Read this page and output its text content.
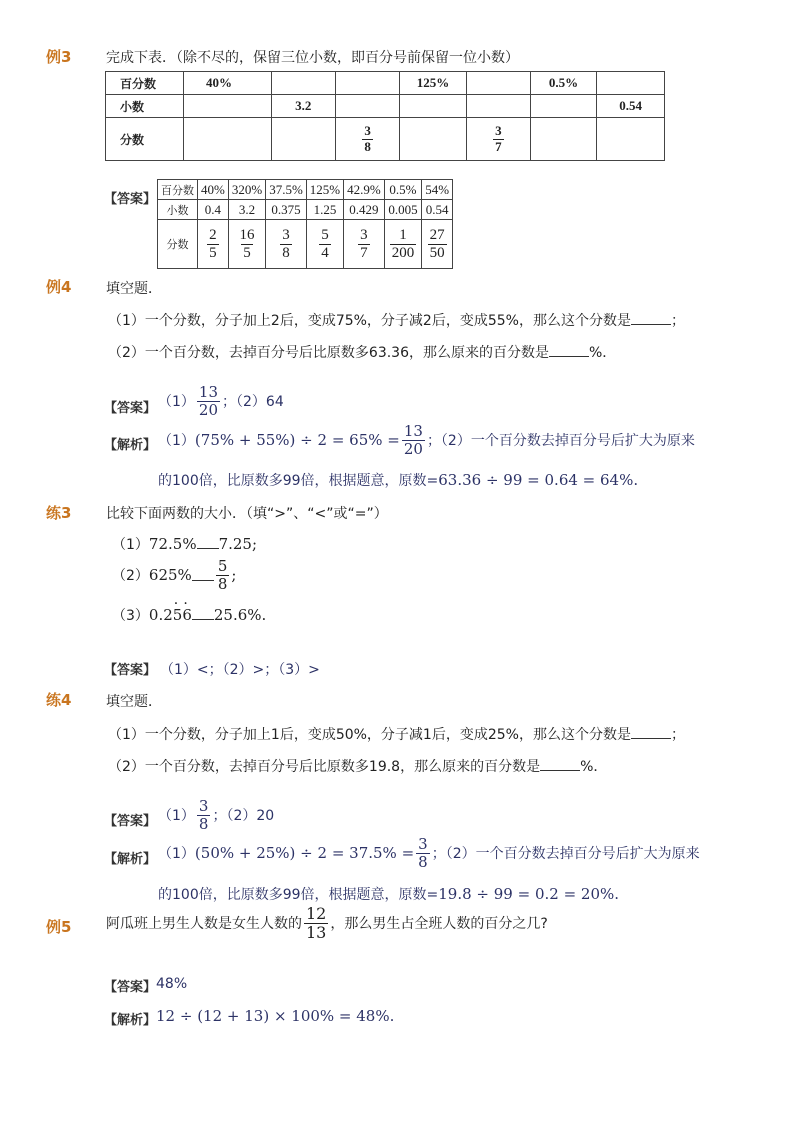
例3 完成下表．（除不尽的，保留三位小数，即百分号前保留一位小数）
百分数	40%			125%		0.5%	
小数		3.2					0.54
分数			$\frac{3}{8}$		$\frac{3}{7}$

【答案】
百分数	40%	320%	37.5%	125%	42.9%	0.5%	54%
小数	0.4	3.2	0.375	1.25	0.429	0.005	0.54
分数	$\frac{2}{5}$	$\frac{16}{5}$	$\frac{3}{8}$	$\frac{5}{4}$	$\frac{3}{7}$	$\frac{1}{200}$	$\frac{27}{50}$
例4 填空题．
（1）一个分数，分子加上2后，变成75%，分子减2后，变成55%，那么这个分数是	；
（2）一个百分数，去掉百分号后比原数多63.36，那么原来的百分数是	%．
【答案】 $(1) \frac{13}{20}$ ；（2）64
【解析】 （1） $(75\% + 55\%) \div 2 = 65\% = \frac{13}{20}$ ；（2）一个百分数去掉百分号后扩大为原来
的100倍，比原数多99倍，根据题意，原数=63.36 ÷ 99 = 0.64 = 64%.
练3 比较下面两数的大小．（填“>”、“<”或“=”）
（1）72.5% 7.25;
（2） $625\% \frac{5}{8}$ ;
（3）0.2· 5· 6 25.6%.
【答案】 （1）<；（2）>；（3）>
练4 填空题．
（1）一个分数，分子加上1后，变成50%，分子减1后，变成25%，那么这个分数是	；
（2）一个百分数，去掉百分号后比原数多19.8，那么原来的百分数是	%．
【答案】 $(1) \frac{3}{8}$ ；（2）20
【解析】 （1） $(50\% + 25\%) \div 2 = 37.5\% = \frac{3}{8}$ ；（2）一个百分数去掉百分号后扩大为原来
的100倍，比原数多99倍，根据题意，原数=19.8 ÷ 99 = 0.2 = 20%.
例5 阿瓜班上男生人数是女生人数的 $\frac{12}{13}$ ，那么男生占全班人数的百分之几?
【答案】 48%
【解析】 12 ÷ (12 + 13) × 100% = 48%.
